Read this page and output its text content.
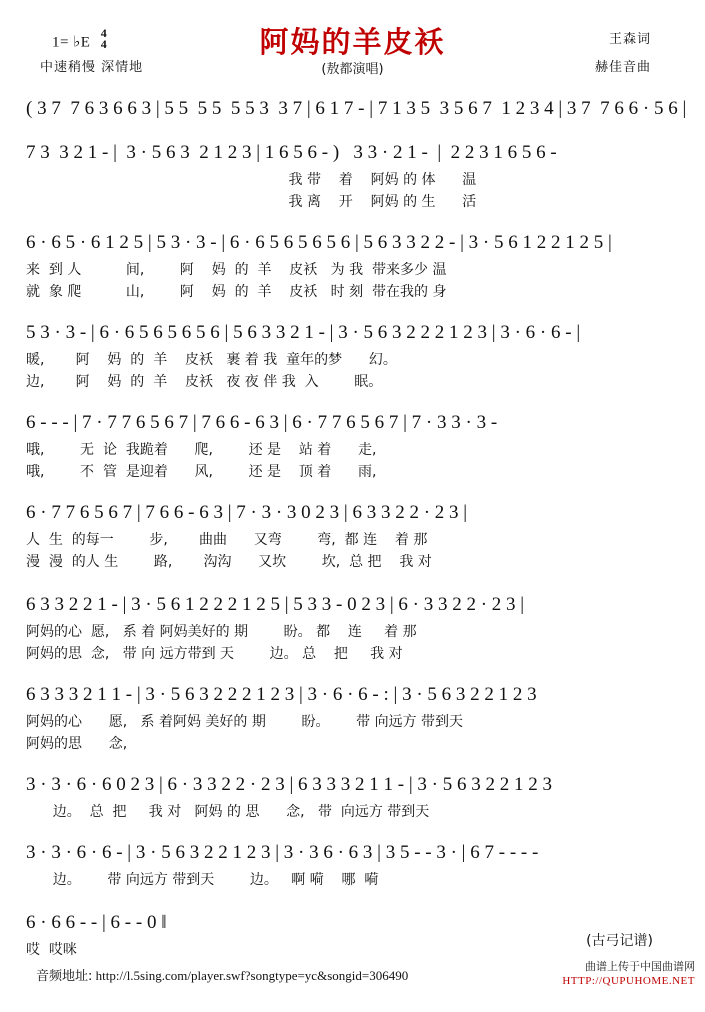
1= ♭E
4
4
中速稍慢 深情地
阿妈的羊皮袄
(敖都演唱)
王森词
赫佳音曲
( 3 7  7 6 3 6 6 3 | 5 5  5 5  5 5 3  3 7 | 6 1 7 - | 7 1 3 5  3 5 6 7  1 2 3 4 | 3 7  7 6 6 · 5 6 |
7 3  3 2 1 - |  3 · 5 6 3  2 1 2 3 | 1 6 5 6 - )   3 3 · 2 1 -  |  2 2 3 1 6 5 6 -
我 带    着    阿妈 的 体      温
我 离    开    阿妈 的 生      活
6 · 6 5 · 6 1 2 5 | 5 3 · 3 - | 6 · 6 5 6 5 6 5 6 | 5 6 3 3 2 2 - | 3 · 5 6 1 2 2 1 2 5 |
来  到 人          间,        阿    妈  的  羊    皮袄   为 我  带来多少 温
就  象 爬          山,        阿    妈  的  羊    皮袄   时 刻  带在我的 身
5 3 · 3 - | 6 · 6 5 6 5 6 5 6 | 5 6 3 3 2 1 - | 3 · 5 6 3 2 2 2 1 2 3 | 3 · 6 · 6 - |
暖,       阿    妈  的  羊    皮袄   裹 着 我  童年的梦      幻。
边,       阿    妈  的  羊    皮袄   夜 夜 伴 我  入        眠。
6 - - - | 7 · 7 7 6 5 6 7 | 7 6 6 - 6 3 | 6 · 7 7 6 5 6 7 | 7 · 3 3 · 3 -
哦,        无  论  我跪着      爬,        还 是    站 着      走,
哦,        不  管  是迎着      风,        还 是    顶 着      雨,
6 · 7 7 6 5 6 7 | 7 6 6 - 6 3 | 7 · 3 · 3 0 2 3 | 6 3 3 2 2 · 2 3 |
人  生  的每一        步,       曲曲      又弯        弯,  都 连    着 那
漫  漫  的人 生        路,       沟沟      又坎        坎,  总 把    我 对
6 3 3 2 2 1 - | 3 · 5 6 1 2 2 2 1 2 5 | 5 3 3 - 0 2 3 | 6 · 3 3 2 2 · 2 3 |
阿妈的心  愿,   系 着 阿妈美好的 期        盼。 都    连     着 那
阿妈的思  念,   带 向 远方带到 天        边。 总    把     我 对
6 3 3 3 2 1 1 - | 3 · 5 6 3 2 2 2 1 2 3 | 3 · 6 · 6 - : | 3 · 5 6 3 2 2 1 2 3
阿妈的心      愿,   系 着阿妈 美好的 期        盼。      带 向远方 带到天
阿妈的思      念,
3 · 3 · 6 · 6 0 2 3 | 6 · 3 3 2 2 · 2 3 | 6 3 3 3 2 1 1 - | 3 · 5 6 3 2 2 1 2 3
边。  总  把     我 对   阿妈 的 思      念,   带  向远方 带到天
3 · 3 · 6 · 6 - | 3 · 5 6 3 2 2 1 2 3 | 3 · 3 6 · 6 3 | 3 5 - - 3 · | 6 7 - - - -
边。      带 向远方 带到天        边。   啊 嗬    哪  嗬
6 · 6 6 - - | 6 - - 0 ‖
哎  哎咪
(古弓记谱)
音频地址: http://l.5sing.com/player.swf?songtype=yc&songid=306490
曲谱上传于中国曲谱网
HTTP://QUPUHOME.NET
